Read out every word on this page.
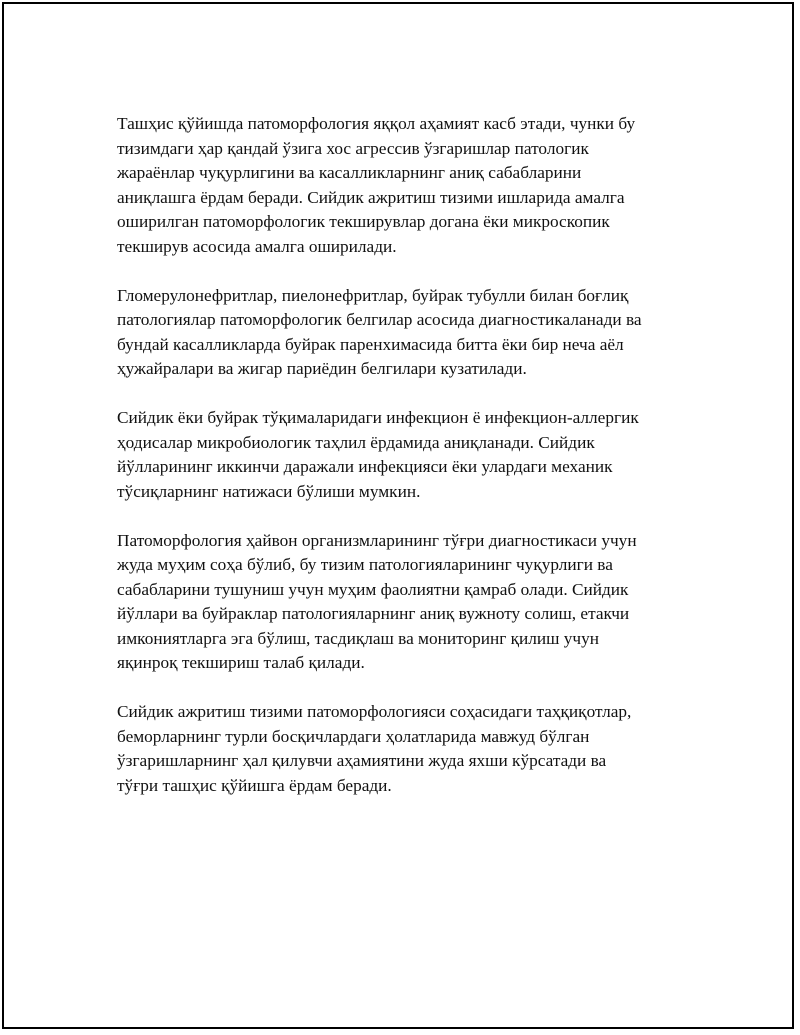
Ташҳис қўйишда патоморфология яққол аҳамият касб этади, чунки бу
тизимдаги ҳар қандай ўзига хос агрессив ўзгаришлар патологик
жараёнлар чуқурлигини ва касалликларнинг аниқ сабабларини
аниқлашга ёрдам беради. Сийдик ажритиш тизими ишларида амалга
оширилган патоморфологик текширувлар догана ёки микроскопик
текширув асосида амалга оширилади.

Гломерулонефритлар, пиелонефритлар, буйрак тубулли билан боғлиқ
патологиялар патоморфологик белгилар асосида диагностикаланади ва
бундай касалликларда буйрак паренхимасида битта ёки бир неча аёл
ҳужайралари ва жигар париёдин белгилари кузатилади.

Сийдик ёки буйрак тўқималаридаги инфекцион ё инфекцион-аллергик
ҳодисалар микробиологик таҳлил ёрдамида аниқланади. Сийдик
йўлларининг иккинчи даражали инфекцияси ёки улардаги механик
тўсиқларнинг натижаси бўлиши мумкин.

Патоморфология ҳайвон организмларининг тўғри диагностикаси учун
жуда муҳим соҳа бўлиб, бу тизим патологияларининг чуқурлиги ва
сабабларини тушуниш учун муҳим фаолиятни қамраб олади. Сийдик
йўллари ва буйраклар патологияларнинг аниқ вужноту солиш, етакчи
имкониятларга эга бўлиш, тасдиқлаш ва мониторинг қилиш учун
яқинроқ текшириш талаб қилади.

Сийдик ажритиш тизими патоморфологияси соҳасидаги таҳқиқотлар,
беморларнинг турли босқичлардаги ҳолатларида мавжуд бўлган
ўзгаришларнинг ҳал қилувчи аҳамиятини жуда яхши кўрсатади ва
тўғри ташҳис қўйишга ёрдам беради.
